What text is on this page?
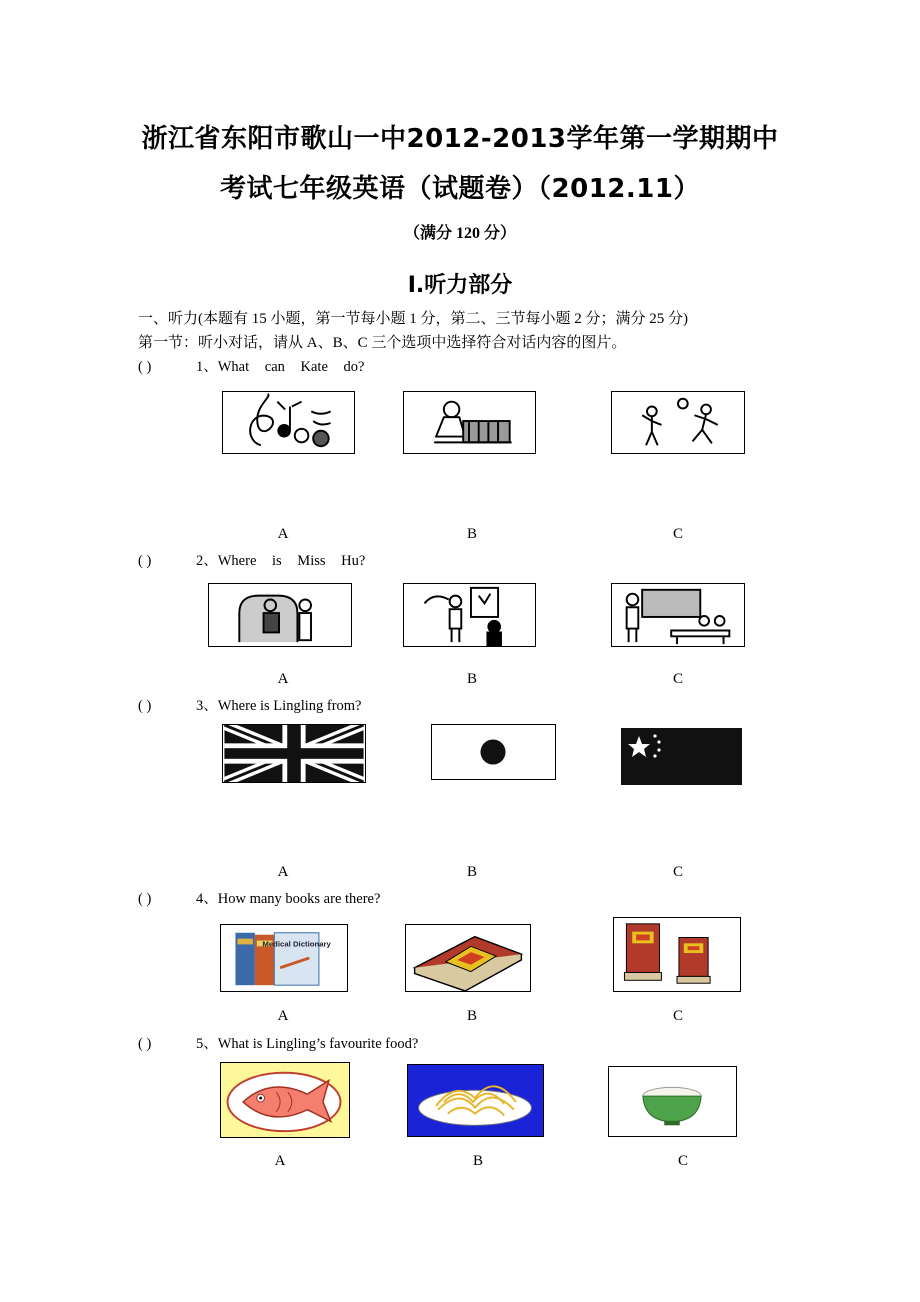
浙江省东阳市歌山一中2012-2013学年第一学期期中
考试七年级英语（试题卷）（2012.11）
（满分 120 分）
Ⅰ.听力部分
一、听力(本题有 15 小题，第一节每小题 1 分，第二、三节每小题 2 分；满分 25 分)
第一节：听小对话，请从 A、B、C 三个选项中选择符合对话内容的图片。
( )	1、What can Kate do?
A	B	C
( )	2、Where is Miss Hu?
A	B	C
( )	3、Where is Lingling from?
A	B	C
( )	4、How many books are there?
Medical Dictionary
A	B	C
( )	5、What is Lingling’s favourite food?
A	B	C
